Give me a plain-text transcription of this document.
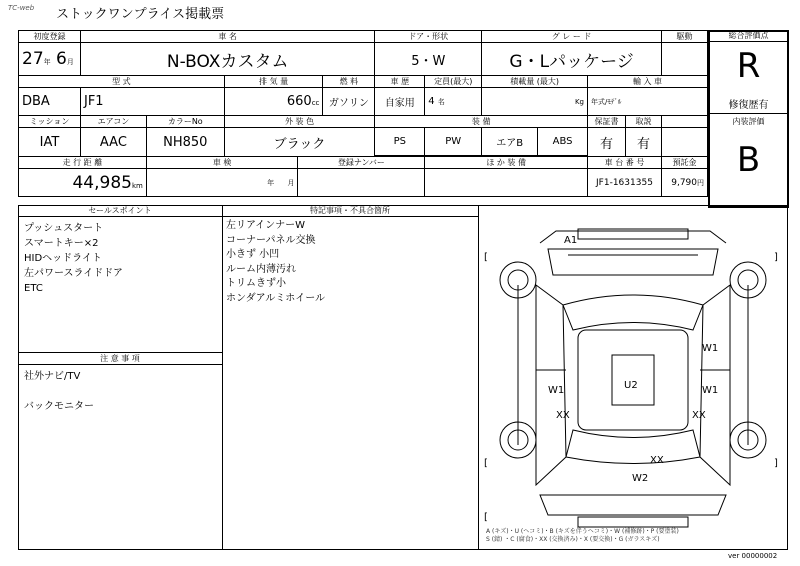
TC-web ストックワンプライス掲載票
初度登録	車 名					ドア・形状		グ レ ー ド				駆動
27年 6月	N-BOXカスタム					5・W		G・Lパッケージ				
型 式			排 気 量		燃 料	車 歴	定員(最大)	積載量 (最大)		輸 入 車		
DBA	JF1		660cc		ガソリン	自家用	4 名	Kg		年式/ﾓﾃﾞﾙ		
ミッション	エアコン	カラーNo	外 装 色			装 備				保証書	取説	
IAT	AAC	NH850	ブラック			PS	PW	エアB	ABS	有	有	

走 行 距 離		車 検		登録ナンバー			ほ か 装 備			車 台 番 号		預託金
44,985km		年 月								JF1-1631355		9,790円
総合評価点
R
修復歴有
内装評価
B
セールスポイント
プッシュスタート
スマートキー×2
HIDヘッドライト
左パワースライドドア
ETC
注 意 事 項
社外ナビ/TV
バックモニター
特記事項・不具合箇所
左リアインナーW
コーナーパネル交換
小きず 小凹
ルーム内薄汚れ
トリムきず小
ホンダアルミホイール
A1
W1
W1	W1
U2
XX	XX
XX
W2
[	]
[	]
[
A (キズ)・U (ヘコミ)・B (キズを伴うヘコミ)・W (補修跡)・P (要塗装)
S (錆) ・C (腐食)・XX (交換済み)・X (要交換)・G (ガラスキズ)
ver 00000002
